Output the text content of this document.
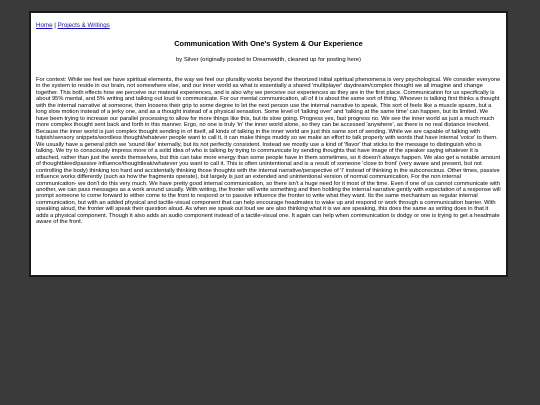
Home | Projects & Writings
Communication With One's System & Our Experience
by Silver (originally posted to Dreamwidth, cleaned up for posting here)
For context: While we feel we have spiritual elements, the way we feel our plurality works beyond the theorized initial spiritual phenomena is very psychological. We consider everyone in the system to reside in our brain, not somewhere else, and our inner world as what is essentially a shared 'multiplayer' daydream/complex thought we all imagine and change together. This both effects how we perceive our material experiences, and is also why we perceive our experiences as they are in the first place. Communication for us specifically is about 95% mental, and 5% writing and talking out loud to communicate. For our mental communication, all of it is about the same sort of thing. Whoever is talking first thinks a thought with the internal narrative at someone, then loosens their grip to some degree to let the next person use the internal narrative to speak. This sort of feels like a muscle spasm, but a long slow motion instead of a jerky one, and as a thought instead of a physical sensation. Some level of 'talking over' and 'talking at the same time' can happen, but its limited. We have been trying to increase our parallel processing to allow for more things like this, but its slow going. Progress yes, fast progress no. We see the inner world as just a much much more complex thought sent back and forth in this manner. Ergo, no one is truly 'in' the inner world alone, so they can be accessed 'anywhere', as there is no real distance involved. Because the inner world is just complex thought sending in of itself, all kinds of talking in the inner world are just this same sort of sending. While we are capable of talking with tulpish/sensory snippets/wordless thought/whatever people want to call it, it can make things muddy so we make an effort to talk properly with words that have internal 'voice' to them. We usually have a general pitch we 'sound like' internally, but its not perfectly consistent. Instead we mostly use a kind of 'flavor' that sticks to the message to distinguish who is talking. We try to consciously impress more of a solid idea of who is talking by trying to communicate by sending thoughts that have image of the speaker saying whatever it is attached, rather than just the words themselves, but this can take more energy than some people have in them sometimes, so it doesn't always happen. We also get a notable amount of thoughtbleed/passive influence/thoughtleak/whatever you want to call it. This is often unintentional and is a result of someone 'close to front' (very aware and present, but not controlling the body) thinking too hard and accidentally thinking those thoughts with the internal narrative/perspective of 'I' instead of thinking in the subconscious. Other times, passive influence works differently (such as how the fragments operate), but largely is just an extended and unintentional version of normal communication. For the non internal communication- we don't do this very much. We have pretty good internal communication, so there isn't a huge need for it most of the time. Even if one of us cannot communicate with another, we can pass messages as a work around usually. With writing, the fronter will write something and then holding the internal narrative gently with expectation of a response will prompt someone to come forward to either come to the front to respond or to passive influence the fronter to write what they want. Its the same mechanism as regular internal communication, but with an added physical and tactile-visual component that can help encourage headmates to wake up and respond or work through a communication barrier. With speaking aloud, the fronter will speak their question aloud. As when we speak out loud we are also thinking what it is we are speaking, this does the same as writing does in that it adds a physical component. Though it also adds an audio component instead of a tactile-visual one. It again can help when communication is dodgy or one is trying to get a headmate aware of the front.
